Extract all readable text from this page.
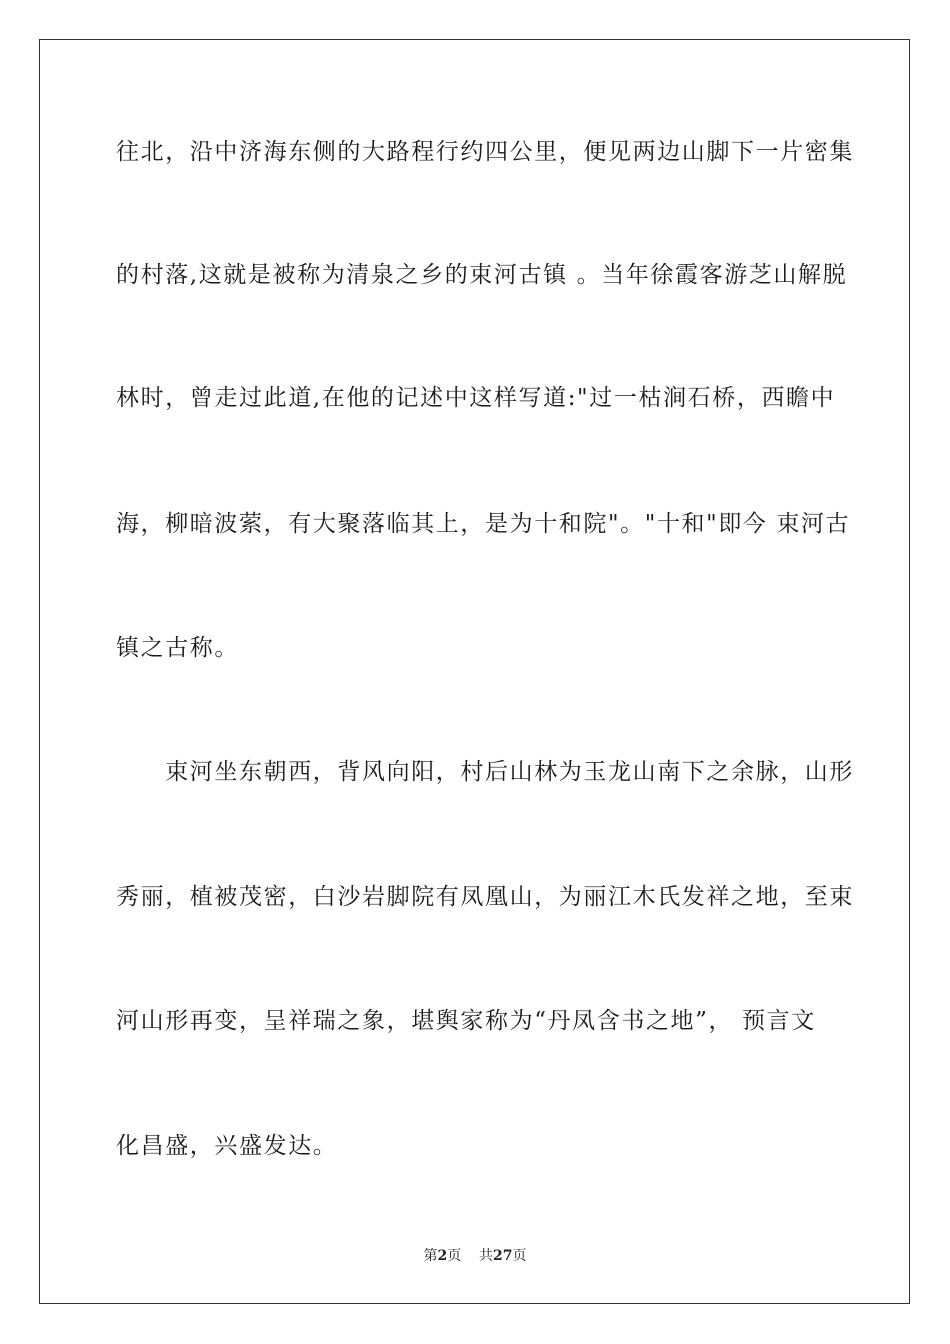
往北，沿中济海东侧的大路程行约四公里，便见两边山脚下一片密集
的村落,这就是被称为清泉之乡的束河古镇 。当年徐霞客游芝山解脱
林时，曾走过此道,在他的记述中这样写道:"过一枯涧石桥，西瞻中
海，柳暗波萦，有大聚落临其上，是为十和院"。"十和"即今 束河古
镇之古称。
　　束河坐东朝西，背风向阳，村后山林为玉龙山南下之余脉，山形
秀丽，植被茂密，白沙岩脚院有凤凰山，为丽江木氏发祥之地，至束
河山形再变，呈祥瑞之象，堪舆家称为“丹凤含书之地”， 预言文
化昌盛，兴盛发达。
第2页 共27页
